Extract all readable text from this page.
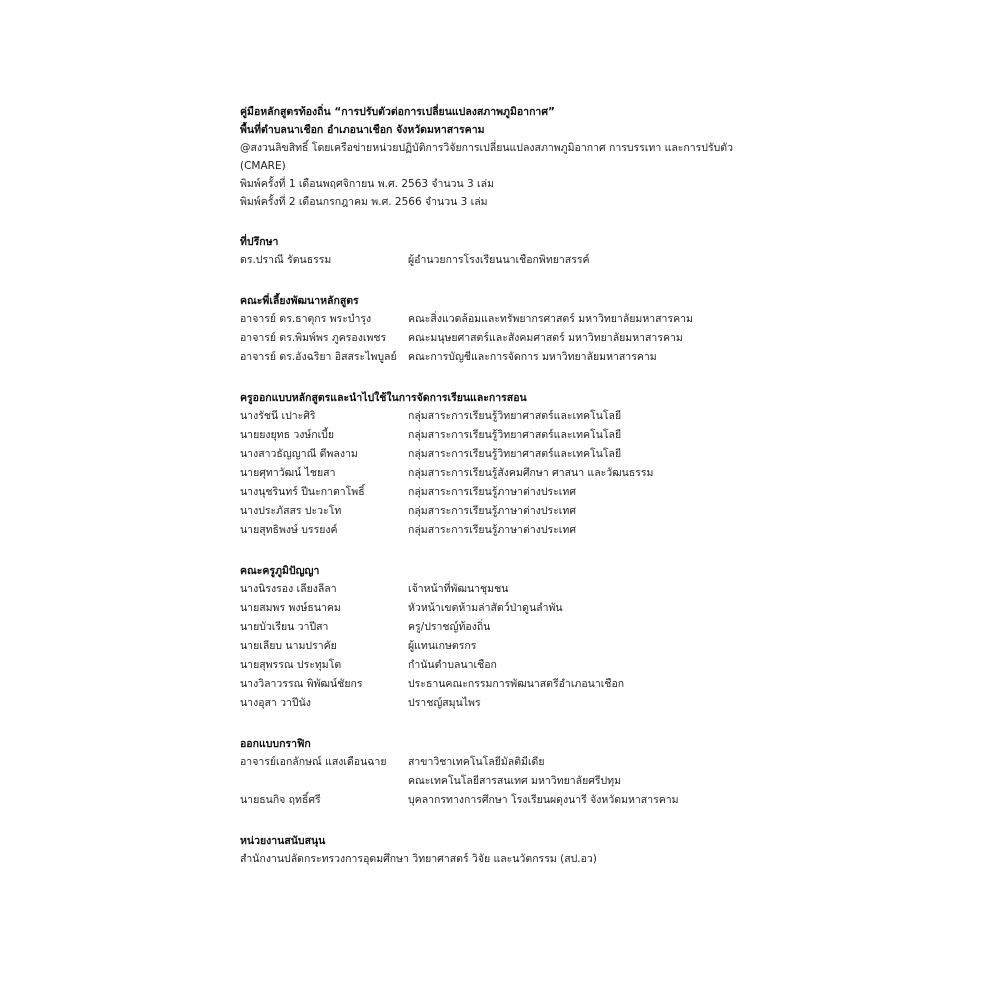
คู่มือหลักสูตรท้องถิ่น “การปรับตัวต่อการเปลี่ยนแปลงสภาพภูมิอากาศ”
พื้นที่ตำบลนาเชือก อำเภอนาเชือก จังหวัดมหาสารคาม
@สงวนลิขสิทธิ์ โดยเครือข่ายหน่วยปฏิบัติการวิจัยการเปลี่ยนแปลงสภาพภูมิอากาศ การบรรเทา และการปรับตัว
(CMARE)
พิมพ์ครั้งที่ 1 เดือนพฤศจิกายน พ.ศ. 2563 จำนวน 3 เล่ม
พิมพ์ครั้งที่ 2 เดือนกรกฎาคม พ.ศ. 2566 จำนวน 3 เล่ม
ที่ปรึกษา
ดร.ปราณี รัตนธรรม	ผู้อำนวยการโรงเรียนนาเชือกพิทยาสรรค์
คณะพี่เลี้ยงพัฒนาหลักสูตร
อาจารย์ ดร.ธาตุกร พระบำรุง	คณะสิ่งแวดล้อมและทรัพยากรศาสตร์ มหาวิทยาลัยมหาสารคาม
อาจารย์ ดร.พิมพ์พร ภูครองเพชร	คณะมนุษยศาสตร์และสังคมศาสตร์ มหาวิทยาลัยมหาสารคาม
อาจารย์ ดร.อังฉริยา อิสสระไพบูลย์	คณะการบัญชีและการจัดการ มหาวิทยาลัยมหาสารคาม
ครูออกแบบหลักสูตรและนำไปใช้ในการจัดการเรียนและการสอน
นางรัชนี เปาะศิริ	กลุ่มสาระการเรียนรู้วิทยาศาสตร์และเทคโนโลยี
นายยงยุทธ วงษ์กเบี้ย	กลุ่มสาระการเรียนรู้วิทยาศาสตร์และเทคโนโลยี
นางสาวธัญญาณี ดีพลงาม	กลุ่มสาระการเรียนรู้วิทยาศาสตร์และเทคโนโลยี
นายศุทาวัฒน์ ไชยสา	กลุ่มสาระการเรียนรู้สังคมศึกษา ศาสนา และวัฒนธรรม
นางนุชรินทร์ ปีนะกาตาโพธิ์	กลุ่มสาระการเรียนรู้ภาษาต่างประเทศ
นางประภัสสร ปะวะโท	กลุ่มสาระการเรียนรู้ภาษาต่างประเทศ
นายสุทธิพงษ์ บรรยงค์	กลุ่มสาระการเรียนรู้ภาษาต่างประเทศ
คณะครูภูมิปัญญา
นางนิรงรอง เลียงลีลา	เจ้าหน้าที่พัฒนาชุมชน
นายสมพร พงษ์ธนาคม	หัวหน้าเขตห้ามล่าสัตว์ป่าดูนลำพัน
นายบัวเรียน วาปีสา	ครู/ปราชญ์ท้องถิ่น
นายเลียบ นามปราคัย	ผู้แทนเกษตรกร
นายสุพรรณ ประทุมโต	กำนันตำบลนาเชือก
นางวิลาวรรณ พิพัฒน์ชัยกร	ประธานคณะกรรมการพัฒนาสตรีอำเภอนาเชือก
นางอุสา วาปีนัง	ปราชญ์สมุนไพร
ออกแบบกราฟิก
อาจารย์เอกลักษณ์ แสงเดือนฉาย	สาขาวิชาเทคโนโลยีมัลติมีเดีย
คณะเทคโนโลยีสารสนเทศ มหาวิทยาลัยศรีปทุม
นายธนกิจ ฤทธิ์ศรี	บุคลากรทางการศึกษา โรงเรียนผดุงนารี จังหวัดมหาสารคาม
หน่วยงานสนับสนุน
สำนักงานปลัดกระทรวงการอุดมศึกษา วิทยาศาสตร์ วิจัย และนวัตกรรม (สป.อว)
